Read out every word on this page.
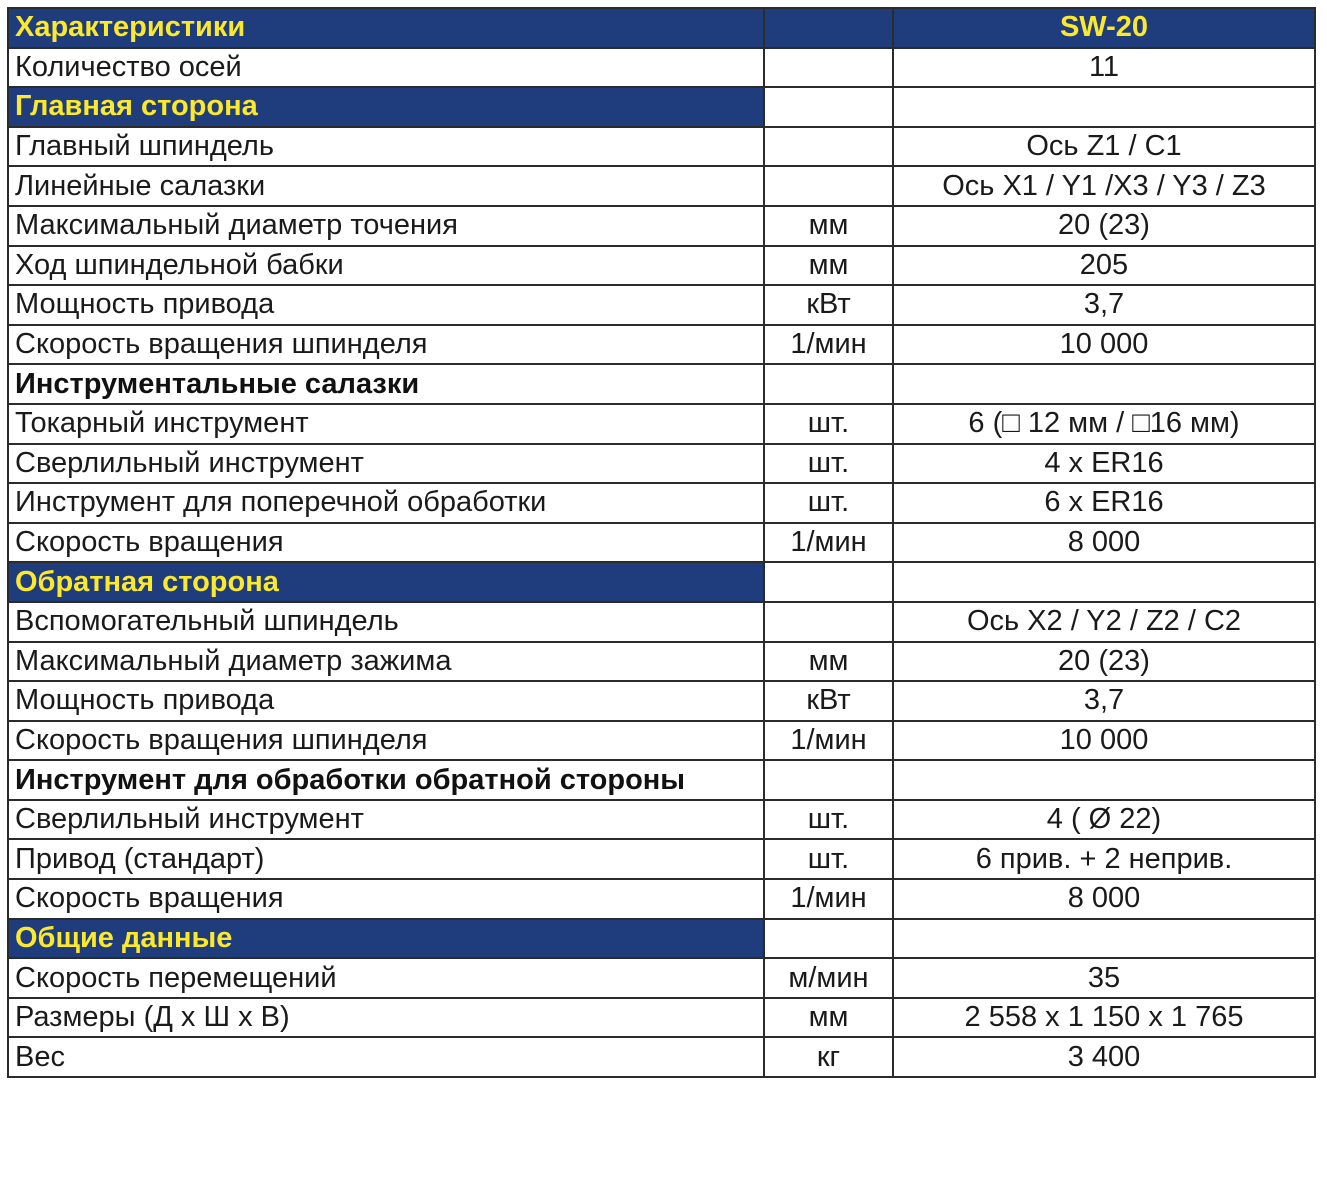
Характеристики		SW-20
Количество осей		11
Главная сторона		
Главный шпиндель		Ось Z1 / C1
Линейные салазки		Ось X1 / Y1 /X3 / Y3 / Z3
Максимальный диаметр точения	мм	20 (23)
Ход шпиндельной бабки	мм	205
Мощность привода	кВт	3,7
Скорость вращения шпинделя	1/мин	10 000
Инструментальные салазки		
Токарный инструмент	шт.	6 (□ 12 мм / □16 мм)
Сверлильный инструмент	шт.	4 x ER16
Инструмент для поперечной обработки	шт.	6 x ER16
Скорость вращения	1/мин	8 000
Обратная сторона		
Вспомогательный шпиндель		Ось X2 / Y2 / Z2 / C2
Максимальный диаметр зажима	мм	20 (23)
Мощность привода	кВт	3,7
Скорость вращения шпинделя	1/мин	10 000
Инструмент для обработки обратной стороны		
Сверлильный инструмент	шт.	4 ( Ø 22)
Привод (стандарт)	шт.	6 прив. + 2 неприв.
Скорость вращения	1/мин	8 000
Общие данные		
Скорость перемещений	м/мин	35
Размеры (Д х Ш х В)	мм	2 558 x 1 150 x 1 765
Вес	кг	3 400
